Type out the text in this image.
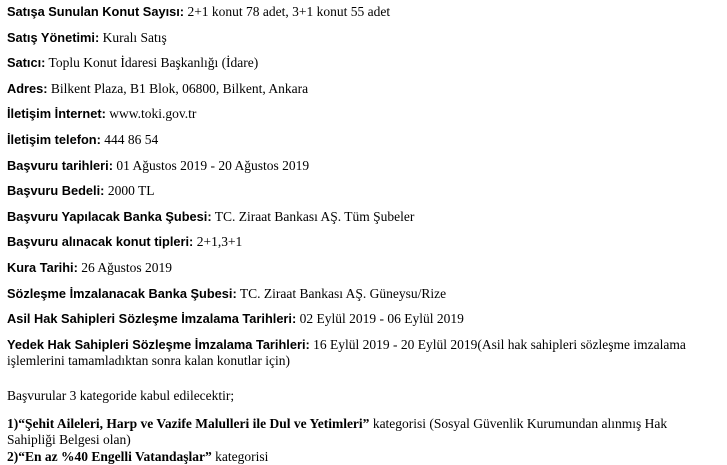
Satışa Sunulan Konut Sayısı: 2+1 konut 78 adet, 3+1 konut 55 adet
Satış Yönetimi: Kuralı Satış
Satıcı: Toplu Konut İdaresi Başkanlığı (İdare)
Adres: Bilkent Plaza, B1 Blok, 06800, Bilkent, Ankara
İletişim İnternet: www.toki.gov.tr
İletişim telefon: 444 86 54
Başvuru tarihleri: 01 Ağustos 2019 - 20 Ağustos 2019
Başvuru Bedeli: 2000 TL
Başvuru Yapılacak Banka Şubesi: TC. Ziraat Bankası AŞ. Tüm Şubeler
Başvuru alınacak konut tipleri: 2+1,3+1
Kura Tarihi: 26 Ağustos 2019
Sözleşme İmzalanacak Banka Şubesi: TC. Ziraat Bankası AŞ. Güneysu/Rize
Asil Hak Sahipleri Sözleşme İmzalama Tarihleri: 02 Eylül 2019 - 06 Eylül 2019
Yedek Hak Sahipleri Sözleşme İmzalama Tarihleri: 16 Eylül 2019 - 20 Eylül 2019(Asil hak sahipleri sözleşme imzalama işlemlerini tamamladıktan sonra kalan konutlar için)
Başvurular 3 kategoride kabul edilecektir;
1)“Şehit Aileleri, Harp ve Vazife Malulleri ile Dul ve Yetimleri” kategorisi (Sosyal Güvenlik Kurumundan alınmış Hak Sahipliği Belgesi olan)
2)“En az %40 Engelli Vatandaşlar” kategorisi
